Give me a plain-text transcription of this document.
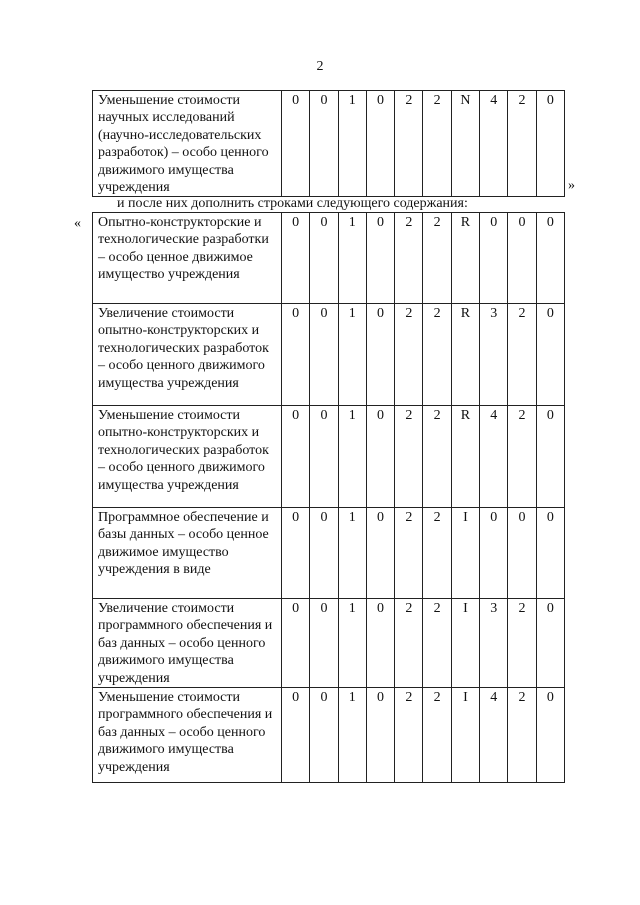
2
Уменьшение стоимости научных исследований (научно-исследовательских разработок) – особо ценного движимого имущества учреждения	0	0	1	0	2	2	N	4	2	0
»
и после них дополнить строками следующего содержания:
« Опытно-конструкторские и технологические разработки – особо ценное движимое имущество учреждения	0	0	1	0	2	2	R	0	0	0
Увеличение стоимости опытно-конструкторских и технологических разработок – особо ценного движимого имущества учреждения	0	0	1	0	2	2	R	3	2	0
Уменьшение стоимости опытно-конструкторских и технологических разработок – особо ценного движимого имущества учреждения	0	0	1	0	2	2	R	4	2	0
Программное обеспечение и базы данных – особо ценное движимое имущество учреждения в виде	0	0	1	0	2	2	I	0	0	0
Увеличение стоимости программного обеспечения и баз данных – особо ценного движимого имущества учреждения	0	0	1	0	2	2	I	3	2	0
Уменьшение стоимости программного обеспечения и баз данных – особо ценного движимого имущества учреждения	0	0	1	0	2	2	I	4	2	0
